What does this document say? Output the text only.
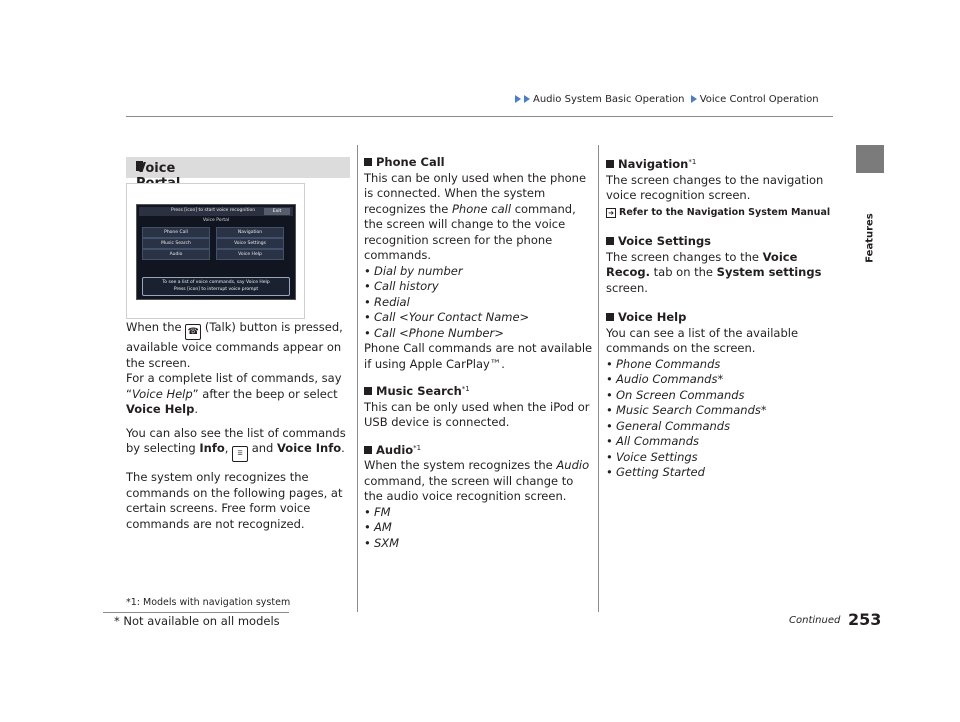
Audio System Basic Operation Voice Control Operation
Features
Voice
Press [icon] to start voice recognition	Exit
Voice Portal
Phone Call	Navigation
Music Search	Voice Settings
Audio	Voice Help
To see a list of voice commands, say Voice Help
Press [icon] to interrupt voice prompt

When the ☎ (Talk) button is pressed, available voice commands appear on the screen.

For a complete list of commands, say “Voice Help” after the beep or select Voice Help.

You can also see the list of commands by selecting Info, ☰ and Voice Info.

The system only recognizes the commands on the following pages, at certain screens. Free form voice commands are not recognized.

*1: Models with navigation system
Phone Call
This can be only used when the phone is connected. When the system recognizes the Phone call command, the screen will change to the voice recognition screen for the phone commands.
• Dial by number
• Call history
• Redial
• Call <Your Contact Name>
• Call <Phone Number>
Phone Call commands are not available if using Apple CarPlay™.
Music Search$^{*1}$
This can be only used when the iPod or USB device is connected.
Audio$^{*1}$
When the system recognizes the Audio command, the screen will change to the audio voice recognition screen.
• FM
• AM
• SXM
Navigation$^{*1}$
The screen changes to the navigation voice recognition screen.
➜ Refer to the Navigation System Manual
Voice Settings
The screen changes to the Voice Recog. tab on the System settings screen.
Voice Help
You can see a list of the available commands on the screen.
• Phone Commands
• Audio Commands*
• On Screen Commands
• Music Search Commands*
• General Commands
• All Commands
• Voice Settings
• Getting Started
Continued 253
* Not available on all models
